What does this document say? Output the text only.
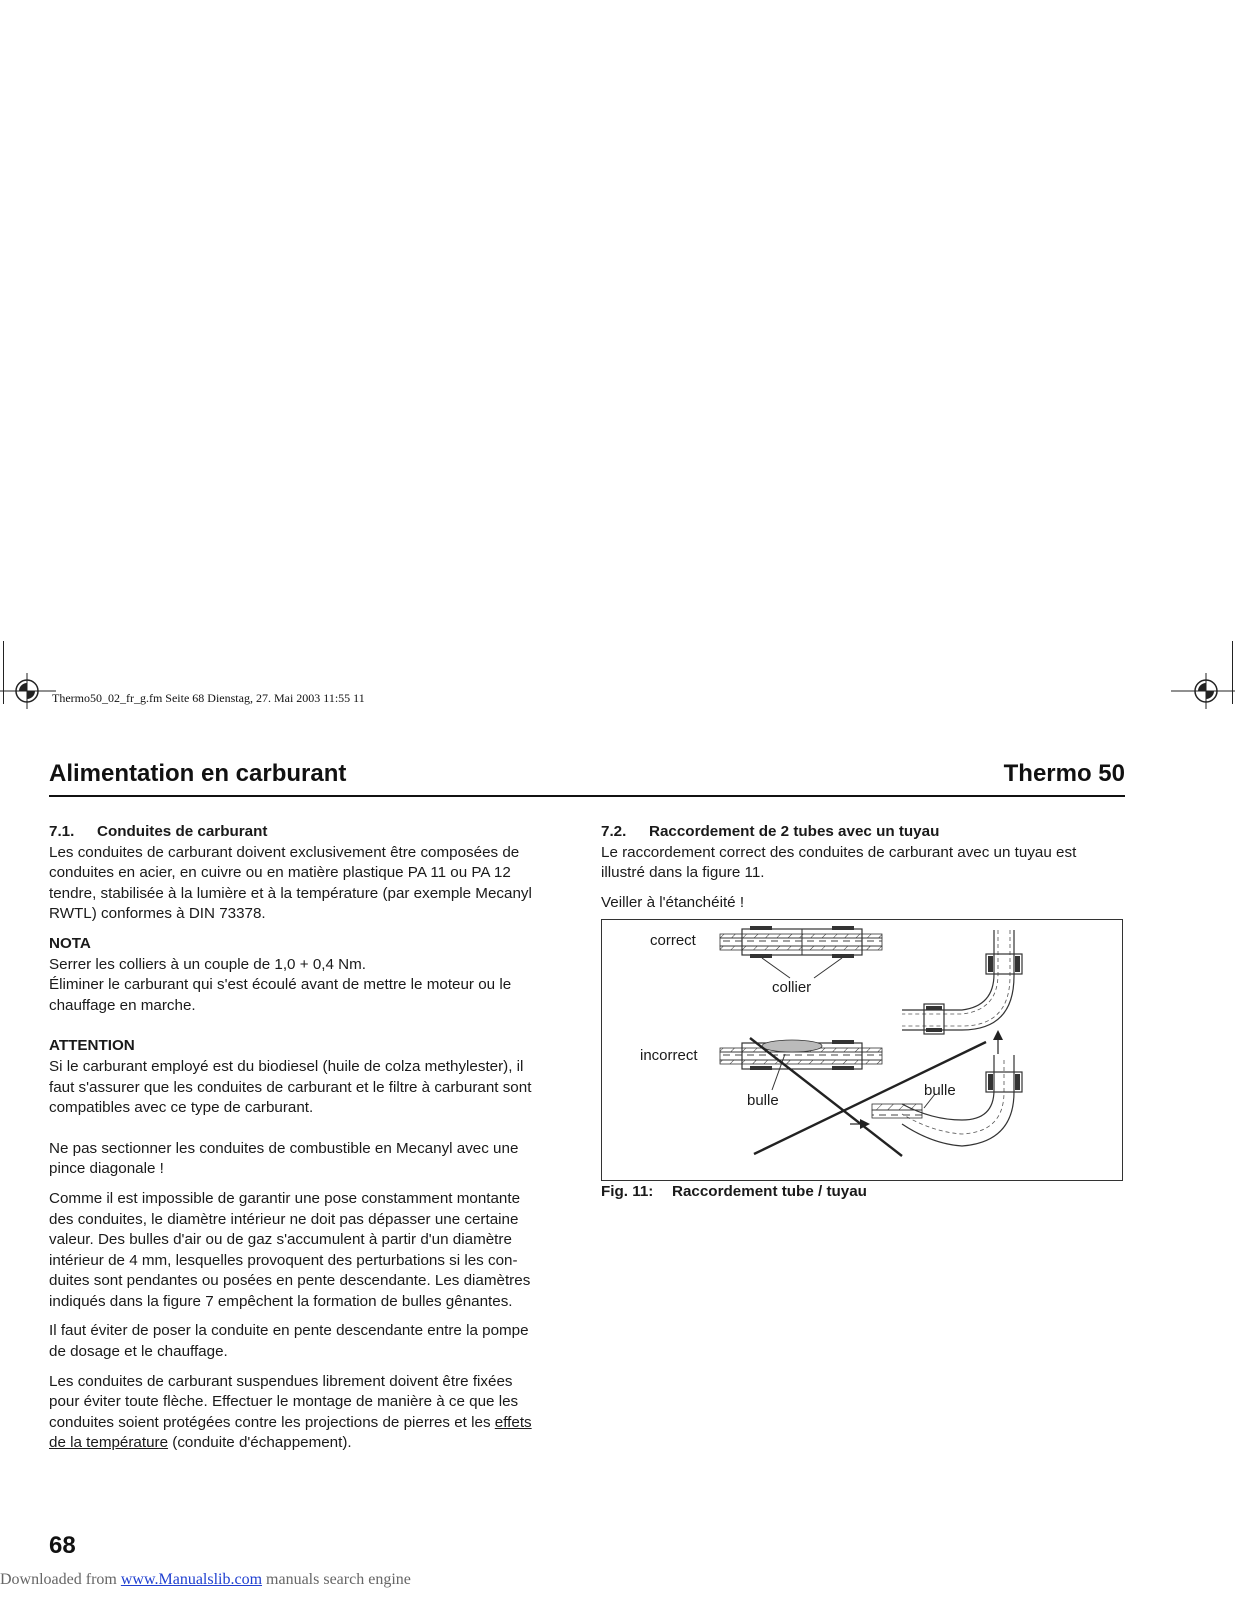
Thermo50_02_fr_g.fm Seite 68 Dienstag, 27. Mai 2003 11:55 11
Alimentation en carburant	Thermo 50
7.1. Conduites de carburant

Les conduites de carburant doivent exclusivement être composées de
conduites en acier, en cuivre ou en matière plastique PA 11 ou PA 12
tendre, stabilisée à la lumière et à la température (par exemple Mecanyl
RWTL) conformes à DIN 73378.

NOTA

Serrer les colliers à un couple de 1,0 + 0,4 Nm.
Éliminer le carburant qui s'est écoulé avant de mettre le moteur ou le
chauffage en marche.

ATTENTION

Si le carburant employé est du biodiesel (huile de colza methylester), il
faut s'assurer que les conduites de carburant et le filtre à carburant sont
compatibles avec ce type de carburant.

Ne pas sectionner les conduites de combustible en Mecanyl avec une
pince diagonale !

Comme il est impossible de garantir une pose constamment montante
des conduites, le diamètre intérieur ne doit pas dépasser une certaine
valeur. Des bulles d'air ou de gaz s'accumulent à partir d'un diamètre
intérieur de 4 mm, lesquelles provoquent des perturbations si les con-
duites sont pendantes ou posées en pente descendante. Les diamètres
indiqués dans la figure 7 empêchent la formation de bulles gênantes.

Il faut éviter de poser la conduite en pente descendante entre la pompe
de dosage et le chauffage.

Les conduites de carburant suspendues librement doivent être fixées
pour éviter toute flèche. Effectuer le montage de manière à ce que les
conduites soient protégées contre les projections de pierres et les effets
de la température (conduite d'échappement).

7.2. Raccordement de 2 tubes avec un tuyau

Le raccordement correct des conduites de carburant avec un tuyau est
illustré dans la figure 11.

Veiller à l'étanchéité !

correct
collier
incorrect
bulle
bulle
Fig. 11: Raccordement tube / tuyau
68
Downloaded from www.Manualslib.com manuals search engine
